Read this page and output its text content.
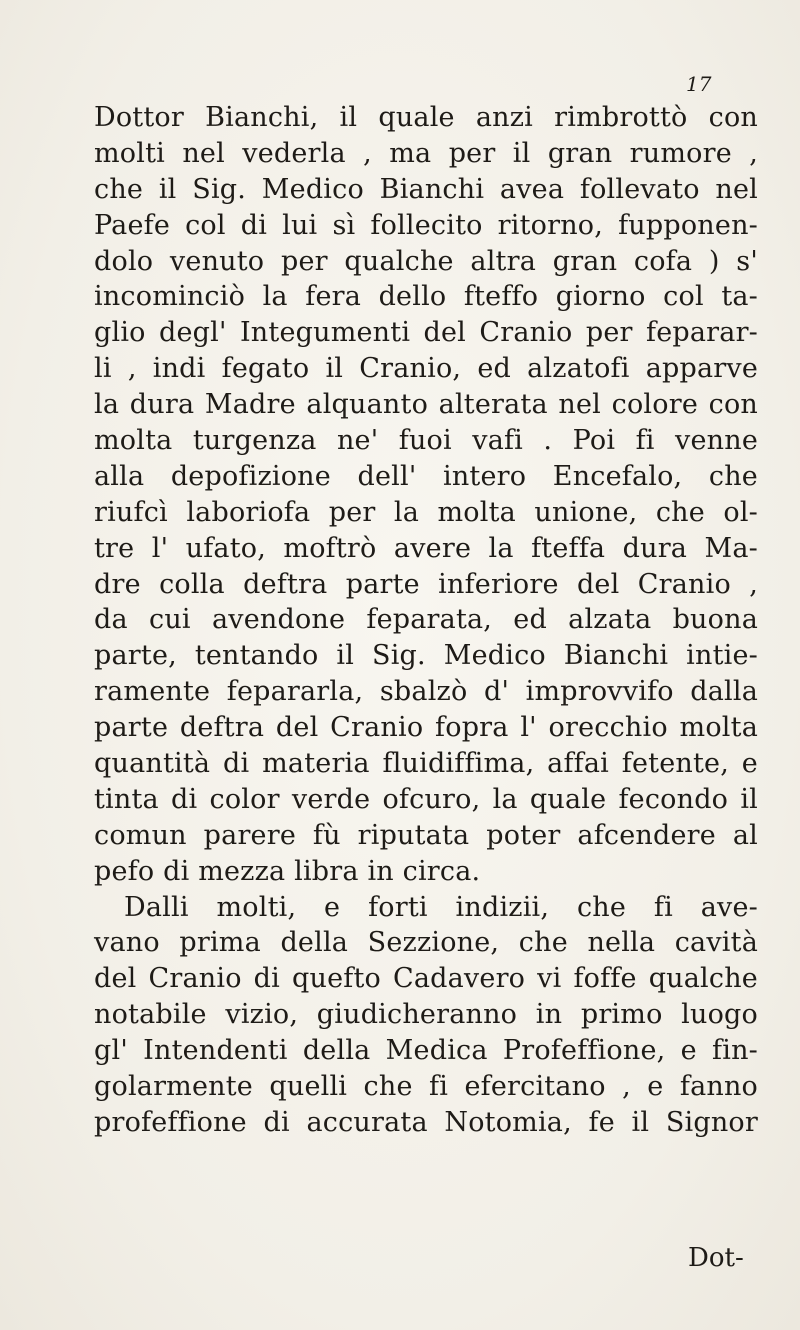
17
Dottor Bianchi, il quale anzi rimbrottò con
molti nel vederla , ma per il gran rumore ,
che il Sig. Medico Bianchi avea follevato nel
Paefe col di lui sì follecito ritorno, fupponen-
dolo venuto per qualche altra gran cofa ) s'
incominciò la fera dello fteffo giorno col ta-
glio degl' Integumenti del Cranio per feparar-
li , indi fegato il Cranio, ed alzatofi apparve
la dura Madre alquanto alterata nel colore con
molta turgenza ne' fuoi vafi . Poi fi venne
alla depofizione dell' intero Encefalo, che
riufcì laboriofa per la molta unione, che ol-
tre l' ufato, moftrò avere la fteffa dura Ma-
dre colla deftra parte inferiore del Cranio ,
da cui avendone feparata, ed alzata buona
parte, tentando il Sig. Medico Bianchi intie-
ramente fepararla, sbalzò d' improvvifo dalla
parte deftra del Cranio fopra l' orecchio molta
quantità di materia fluidiffima, affai fetente, e
tinta di color verde ofcuro, la quale fecondo il
comun parere fù riputata poter afcendere al
pefo di mezza libra in circa.
Dalli molti, e forti indizii, che fi ave-
vano prima della Sezzione, che nella cavità
del Cranio di quefto Cadavero vi foffe qualche
notabile vizio, giudicheranno in primo luogo
gl' Intendenti della Medica Profeffione, e fin-
golarmente quelli che fi efercitano , e fanno
profeffione di accurata Notomia, fe il Signor
Dot-
